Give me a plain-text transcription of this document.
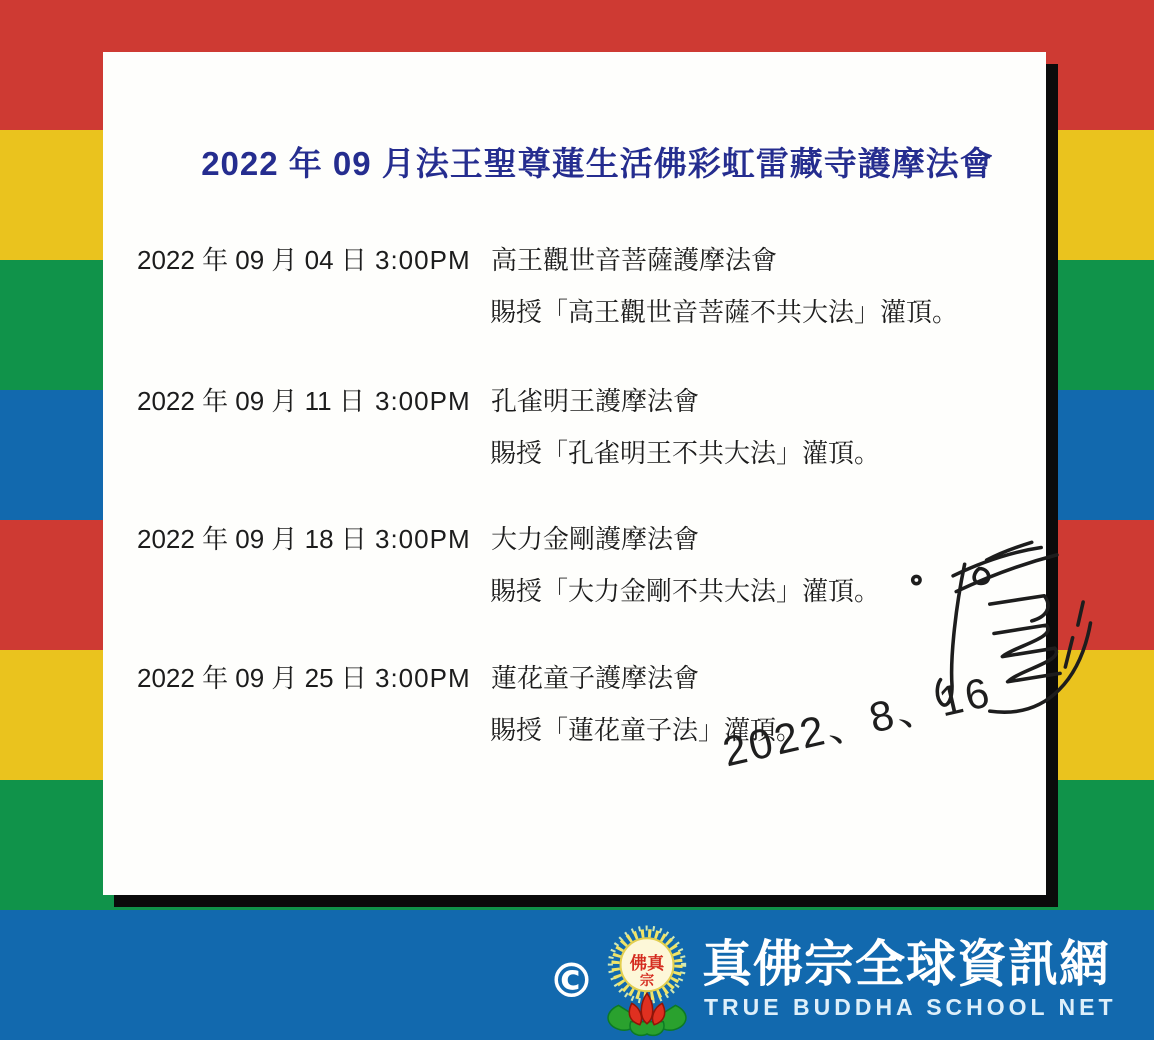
2022 年 09 月法王聖尊蓮生活佛彩虹雷藏寺護摩法會
2022 年 09 月 04 日 3:00PM 高王觀世音菩薩護摩法會
賜授「高王觀世音菩薩不共大法」灌頂。
2022 年 09 月 11 日 3:00PM 孔雀明王護摩法會
賜授「孔雀明王不共大法」灌頂。
2022 年 09 月 18 日 3:00PM 大力金剛護摩法會
賜授「大力金剛不共大法」灌頂。
2022 年 09 月 25 日 3:00PM 蓮花童子護摩法會
賜授「蓮花童子法」灌頂。
2022、8、16
© 佛真
宗 真佛宗全球資訊網
TRUE BUDDHA SCHOOL NET
